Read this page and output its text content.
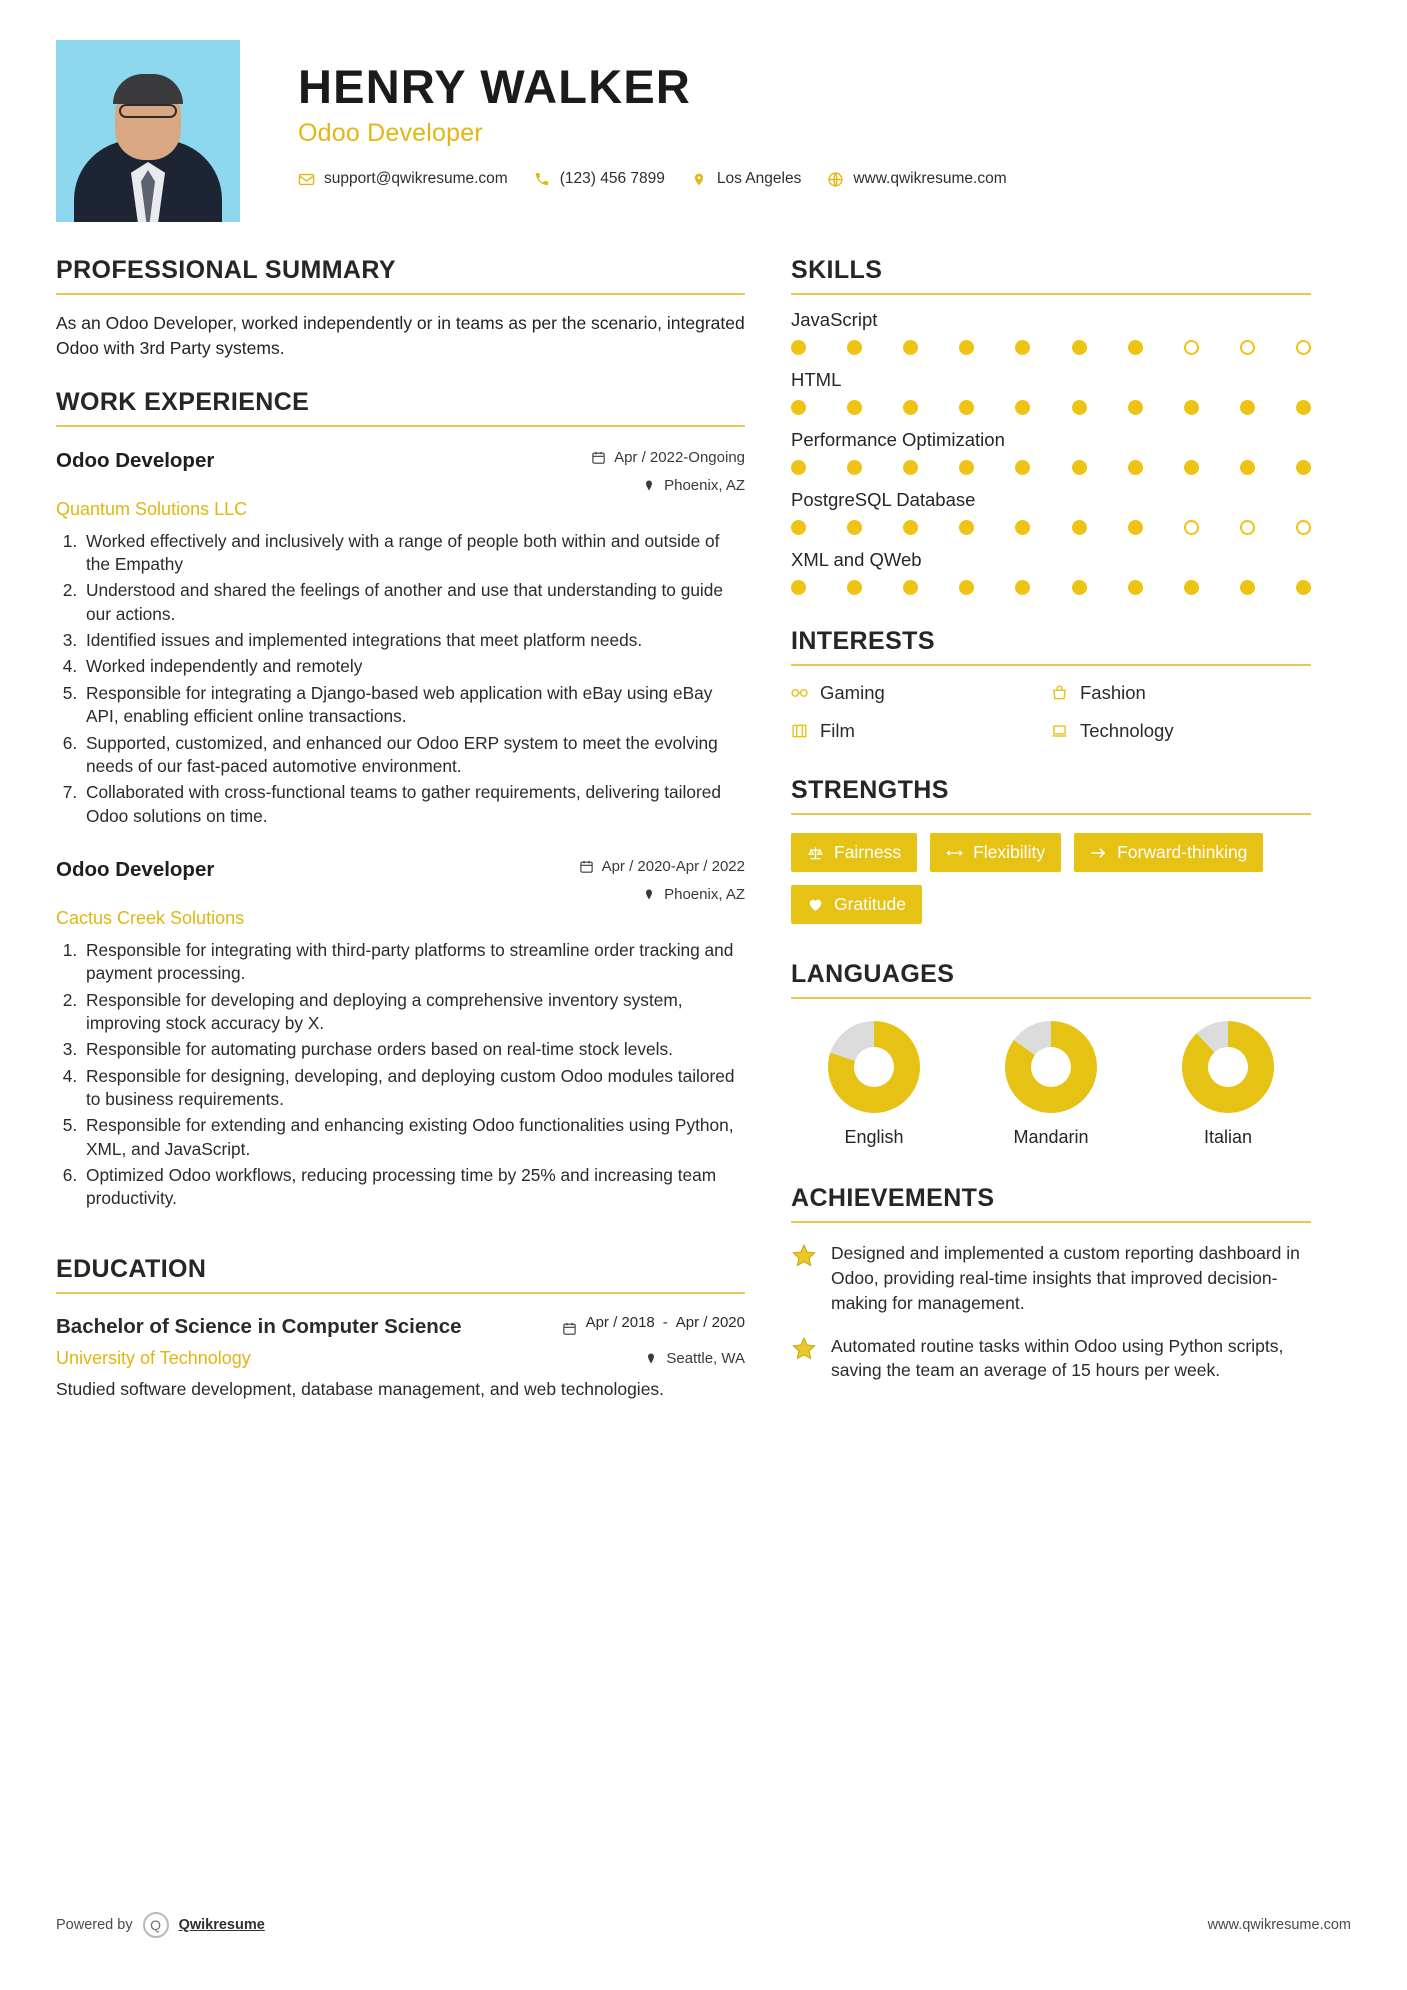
HENRY WALKER
Odoo Developer
support@qwikresume.com	(123) 456 7899	Los Angeles	www.qwikresume.com
PROFESSIONAL SUMMARY
As an Odoo Developer, worked independently or in teams as per the scenario, integrated Odoo with 3rd Party systems.
WORK EXPERIENCE
Odoo Developer	Apr / 2022-Ongoing
Phoenix, AZ
Quantum Solutions LLC
1. Worked effectively and inclusively with a range of people both within and outside of the Empathy
2. Understood and shared the feelings of another and use that understanding to guide our actions.
3. Identified issues and implemented integrations that meet platform needs.
4. Worked independently and remotely
5. Responsible for integrating a Django-based web application with eBay using eBay API, enabling efficient online transactions.
6. Supported, customized, and enhanced our Odoo ERP system to meet the evolving needs of our fast-paced automotive environment.
7. Collaborated with cross-functional teams to gather requirements, delivering tailored Odoo solutions on time.
Odoo Developer	Apr / 2020-Apr / 2022
Phoenix, AZ
Cactus Creek Solutions
1. Responsible for integrating with third-party platforms to streamline order tracking and payment processing.
2. Responsible for developing and deploying a comprehensive inventory system, improving stock accuracy by X.
3. Responsible for automating purchase orders based on real-time stock levels.
4. Responsible for designing, developing, and deploying custom Odoo modules tailored to business requirements.
5. Responsible for extending and enhancing existing Odoo functionalities using Python, XML, and JavaScript.
6. Optimized Odoo workflows, reducing processing time by 25% and increasing team productivity.
EDUCATION
Bachelor of Science in Computer Science	Apr / 2018 - Apr / 2020
University of Technology	Seattle, WA
Studied software development, database management, and web technologies.
SKILLS
JavaScript
HTML
Performance Optimization
PostgreSQL Database
XML and QWeb
INTERESTS
Gaming	Fashion
Film	Technology
STRENGTHS
Fairness	Flexibility	Forward-thinking
Gratitude
LANGUAGES
English	Mandarin	Italian
ACHIEVEMENTS
Designed and implemented a custom reporting dashboard in Odoo, providing real-time insights that improved decision-making for management.
Automated routine tasks within Odoo using Python scripts, saving the team an average of 15 hours per week.
Powered by	Q	Qwikresume	www.qwikresume.com
